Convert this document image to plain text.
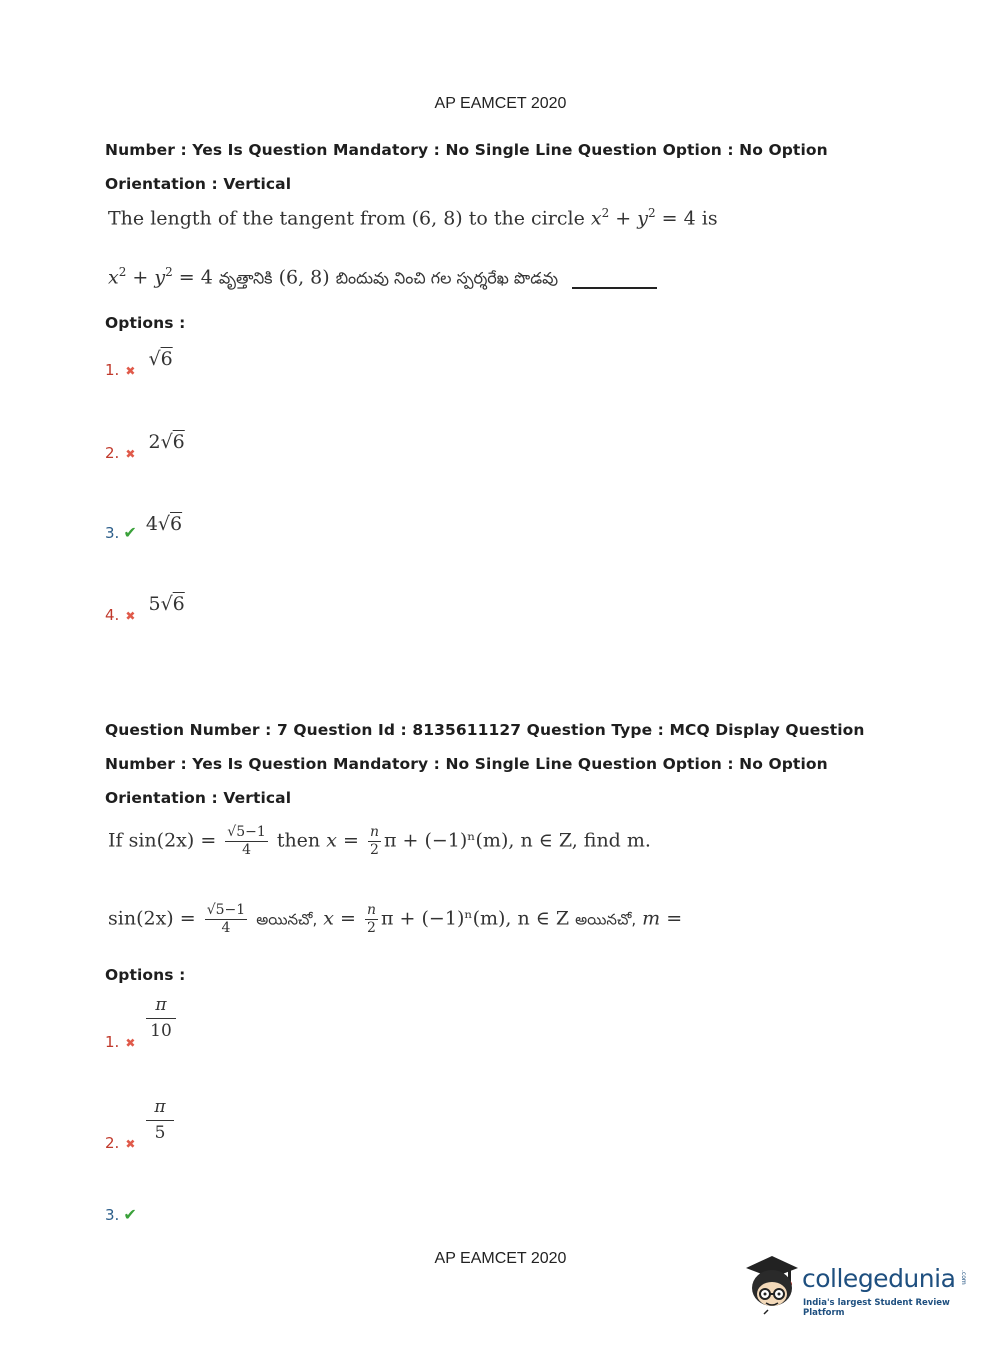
AP EAMCET 2020
Number : Yes Is Question Mandatory : No Single Line Question Option : No Option
Orientation : Vertical
The length of the tangent from (6, 8) to the circle $x^2 + y^2 = 4$ is
$x^2 + y^2 = 4$ వృత్తానికి (6, 8) బిందువు నించి గల స్పర్శరేఖ పొడవు
Options :
1. ✖ √6
2. ✖ 2√6
3. ✔ 4√6
4. ✖ 5√6
Question Number : 7 Question Id : 8135611127 Question Type : MCQ Display Question
Number : Yes Is Question Mandatory : No Single Line Question Option : No Option
Orientation : Vertical
If $\sin(2x) = \frac{√5-1}{4}$ then $x = \frac{n}{2}$ π + (−1)ⁿ(m), n ∈ Z, find m.
$\sin(2x) = \frac{√5-1}{4}$ అయినచో, $x = \frac{n}{2}$ π + (−1)ⁿ(m), n ∈ Z అయినచో, m =
Options :
1. ✖
π
10
2. ✖
π
5
3. ✔
AP EAMCET 2020
collegedunia .com
India's largest Student Review Platform
